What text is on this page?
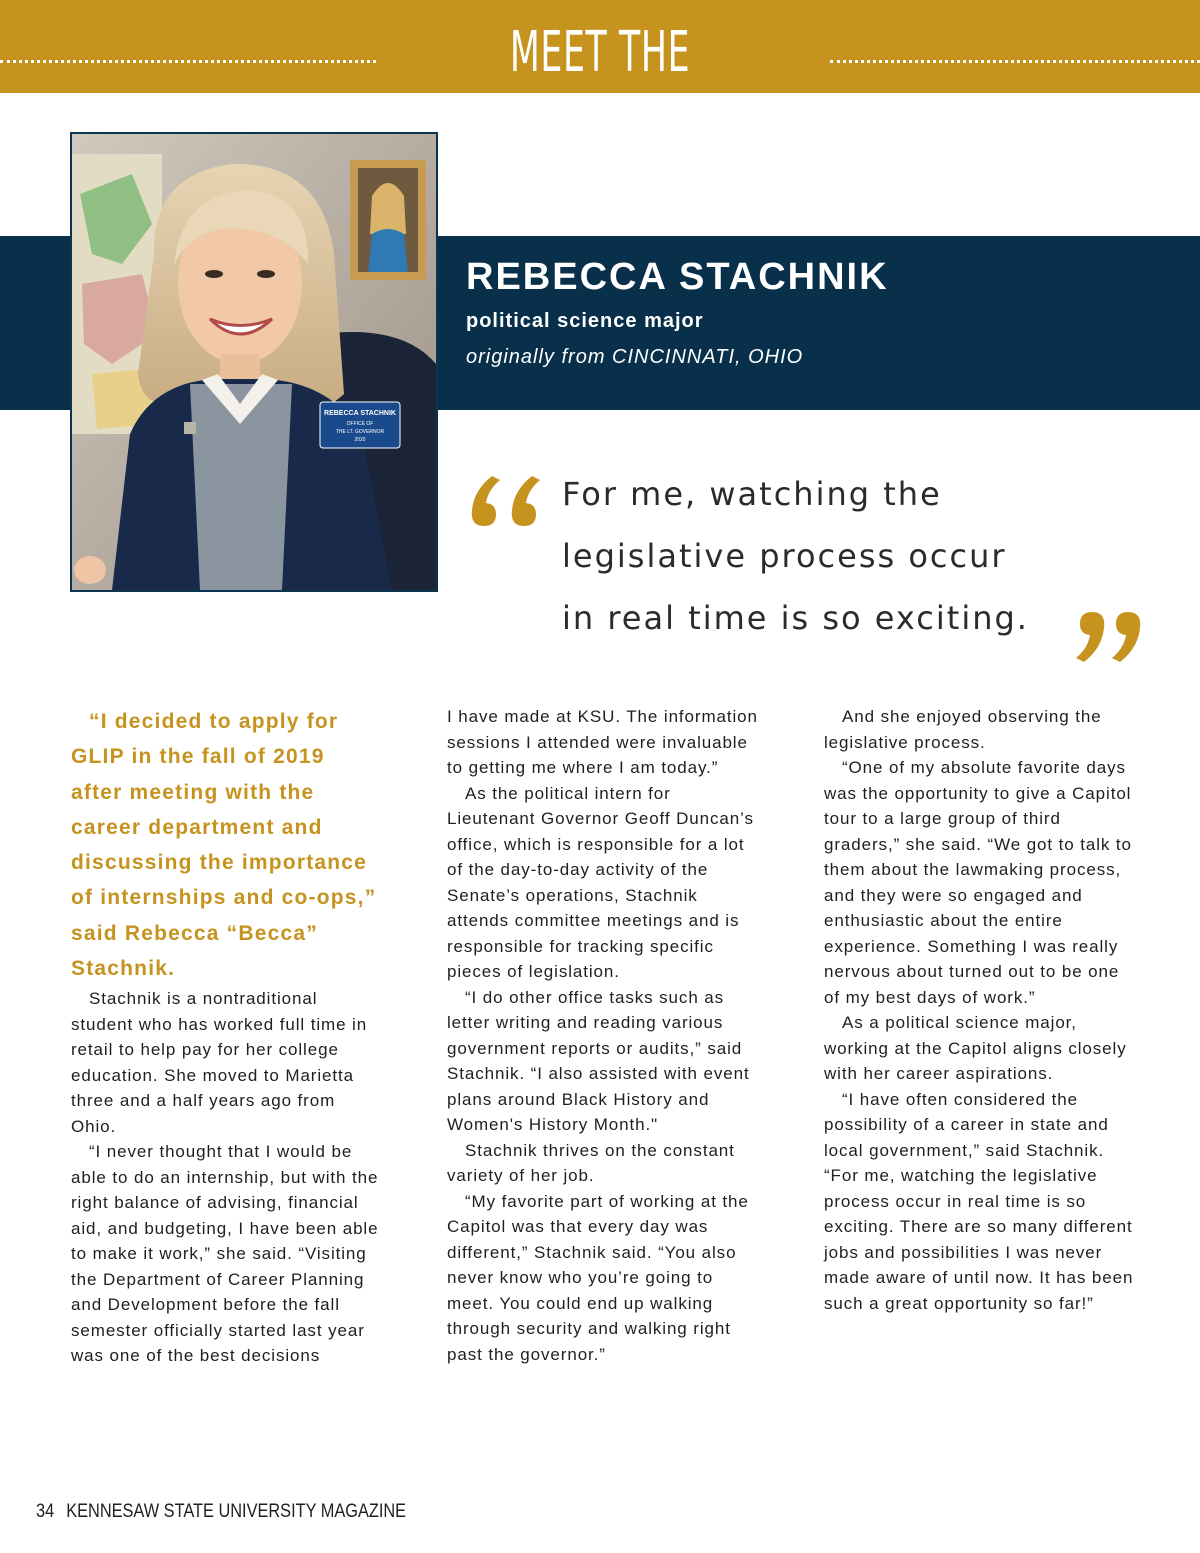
MEET THE INTERNS
REBECCA STACHNIK
OFFICE OF
THE LT. GOVERNOR
2020
REBECCA STACHNIK
political science major
originally from CINCINNATI, OHIO
For me, watching the
legislative process occur
in real time is so exciting.

“I decided to apply for GLIP in the fall of 2019 after meeting with the career department and discussing the importance of internships and co-ops,” said Rebecca “Becca” Stachnik.

Stachnik is a nontraditional student who has worked full time in retail to help pay for her college education. She moved to Marietta three and a half years ago from Ohio.

“I never thought that I would be able to do an internship, but with the right balance of advising, financial aid, and budgeting, I have been able to make it work,” she said. “Visiting the Department of Career Planning and Development before the fall semester officially started last year was one of the best decisions

I have made at KSU. The information sessions I attended were invaluable to getting me where I am today.”

As the political intern for Lieutenant Governor Geoff Duncan’s office, which is responsible for a lot of the day-to-day activity of the Senate’s operations, Stachnik attends committee meetings and is responsible for tracking specific pieces of legislation.

“I do other office tasks such as letter writing and reading various government reports or audits,” said Stachnik. “I also assisted with event plans around Black History and Women's History Month."

Stachnik thrives on the constant variety of her job.

“My favorite part of working at the Capitol was that every day was different,” Stachnik said. “You also never know who you’re going to meet. You could end up walking through security and walking right past the governor.”

And she enjoyed observing the legislative process.

“One of my absolute favorite days was the opportunity to give a Capitol tour to a large group of third graders,” she said. “We got to talk to them about the lawmaking process, and they were so engaged and enthusiastic about the entire experience. Something I was really nervous about turned out to be one of my best days of work.”

As a political science major, working at the Capitol aligns closely with her career aspirations.

“I have often considered the possibility of a career in state and local government,” said Stachnik. “For me, watching the legislative process occur in real time is so exciting. There are so many different jobs and possibilities I was never made aware of until now. It has been such a great opportunity so far!”

34 KENNESAW STATE UNIVERSITY MAGAZINE
